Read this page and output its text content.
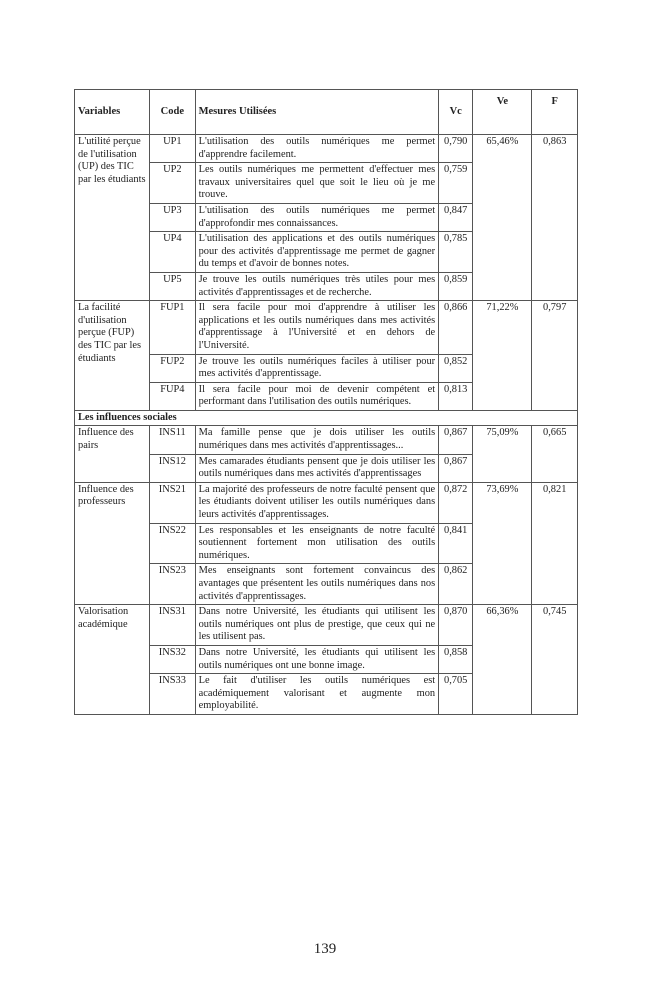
Variables	Code	Mesures Utilisées	Vc	Ve	F
L'utilité perçue de l'utilisation (UP) des TIC par les étudiants	UP1	L'utilisation des outils numériques me permet d'apprendre facilement.	0,790	65,46%	0,863
	UP2	Les outils numériques me permettent d'effectuer mes travaux universitaires quel que soit le lieu où je me trouve.	0,759		
	UP3	L'utilisation des outils numériques me permet d'approfondir mes connaissances.	0,847		
	UP4	L'utilisation des applications et des outils numériques pour des activités d'apprentissage me permet de gagner du temps et d'avoir de bonnes notes.	0,785		
	UP5	Je trouve les outils numériques très utiles pour mes activités d'apprentissages et de recherche.	0,859		
La facilité d'utilisation perçue (FUP) des TIC par les étudiants	FUP1	Il sera facile pour moi d'apprendre à utiliser les applications et les outils numériques dans mes activités d'apprentissage à l'Université et en dehors de l'Université.	0,866	71,22%	0,797
	FUP2	Je trouve les outils numériques faciles à utiliser pour mes activités d'apprentissage.	0,852		
	FUP4	Il sera facile pour moi de devenir compétent et performant dans l'utilisation des outils numériques.	0,813		
Les influences sociales					
Influence des pairs	INS11	Ma famille pense que je dois utiliser les outils numériques dans mes activités d'apprentissages...	0,867	75,09%	0,665
	INS12	Mes camarades étudiants pensent que je dois utiliser les outils numériques dans mes activités d'apprentissages	0,867		
Influence des professeurs	INS21	La majorité des professeurs de notre faculté pensent que les étudiants doivent utiliser les outils numériques dans leurs activités d'apprentissages.	0,872	73,69%	0,821
	INS22	Les responsables et les enseignants de notre faculté soutiennent fortement mon utilisation des outils numériques.	0,841		
	INS23	Mes enseignants sont fortement convaincus des avantages que présentent les outils numériques dans nos activités d'apprentissages.	0,862		
Valorisation académique	INS31	Dans notre Université, les étudiants qui utilisent les outils numériques ont plus de prestige, que ceux qui ne les utilisent pas.	0,870	66,36%	0,745
	INS32	Dans notre Université, les étudiants qui utilisent les outils numériques ont une bonne image.	0,858		
	INS33	Le fait d'utiliser les outils numériques est académiquement valorisant et augmente mon employabilité.	0,705		
139
